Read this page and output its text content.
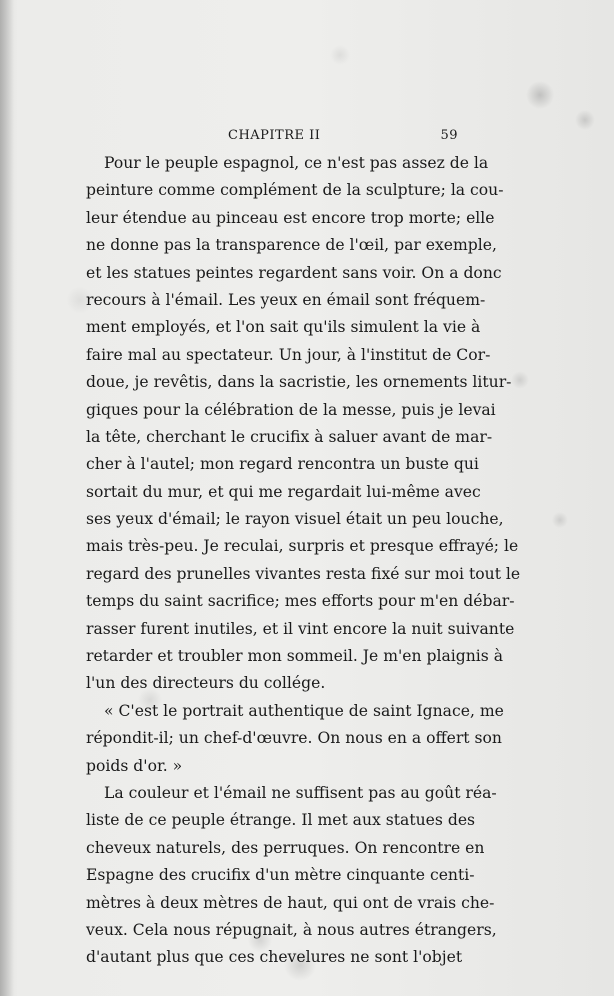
CHAPITRE II	59
Pour le peuple espagnol, ce n'est pas assez de la
peinture comme complément de la sculpture; la cou-
leur étendue au pinceau est encore trop morte; elle
ne donne pas la transparence de l'œil, par exemple,
et les statues peintes regardent sans voir. On a donc
recours à l'émail. Les yeux en émail sont fréquem-
ment employés, et l'on sait qu'ils simulent la vie à
faire mal au spectateur. Un jour, à l'institut de Cor-
doue, je revêtis, dans la sacristie, les ornements litur-
giques pour la célébration de la messe, puis je levai
la tête, cherchant le crucifix à saluer avant de mar-
cher à l'autel; mon regard rencontra un buste qui
sortait du mur, et qui me regardait lui-même avec
ses yeux d'émail; le rayon visuel était un peu louche,
mais très-peu. Je reculai, surpris et presque effrayé; le
regard des prunelles vivantes resta fixé sur moi tout le
temps du saint sacrifice; mes efforts pour m'en débar-
rasser furent inutiles, et il vint encore la nuit suivante
retarder et troubler mon sommeil. Je m'en plaignis à
l'un des directeurs du collége.
« C'est le portrait authentique de saint Ignace, me
répondit-il; un chef-d'œuvre. On nous en a offert son
poids d'or. »
La couleur et l'émail ne suffisent pas au goût réa-
liste de ce peuple étrange. Il met aux statues des
cheveux naturels, des perruques. On rencontre en
Espagne des crucifix d'un mètre cinquante centi-
mètres à deux mètres de haut, qui ont de vrais che-
veux. Cela nous répugnait, à nous autres étrangers,
d'autant plus que ces chevelures ne sont l'objet
